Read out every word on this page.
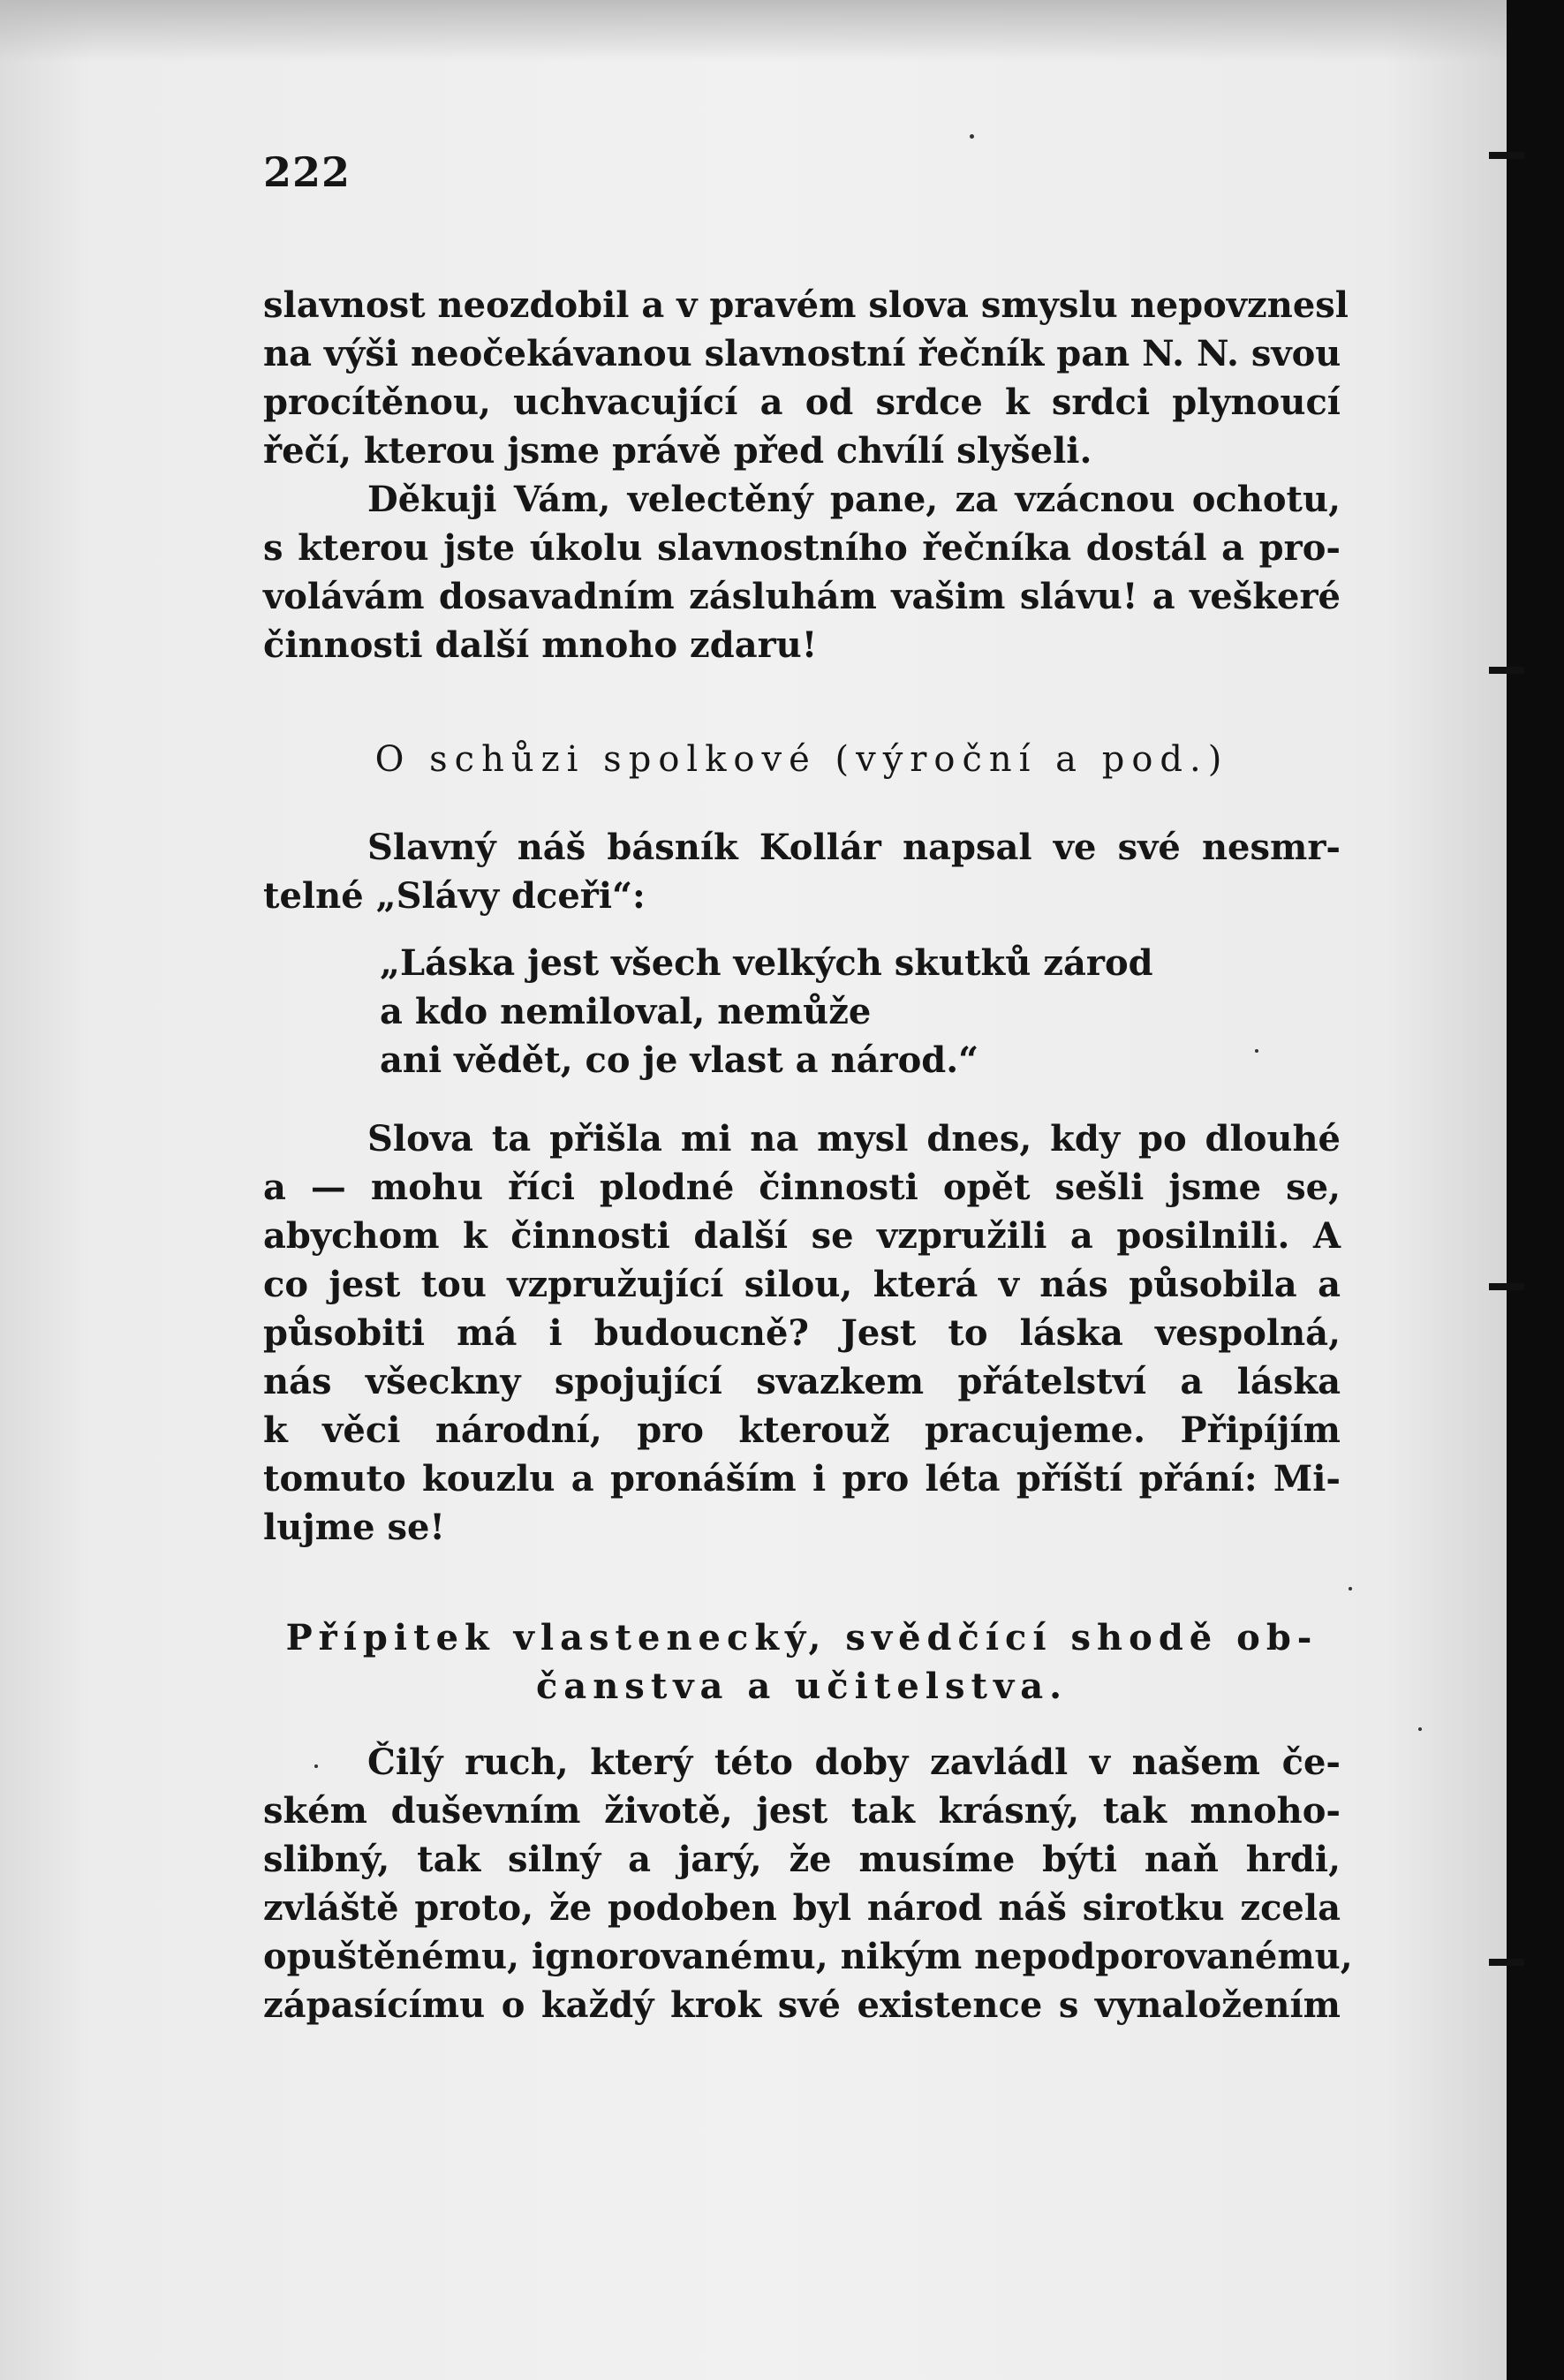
222
slavnost neozdobil a v pravém slova smyslu nepovznesl
na výši neočekávanou slavnostní řečník pan N. N. svou
procítěnou, uchvacující a od srdce k srdci plynoucí
řečí, kterou jsme právě před chvílí slyšeli.
Děkuji Vám, velectěný pane, za vzácnou ochotu,
s kterou jste úkolu slavnostního řečníka dostál a pro-
volávám dosavadním zásluhám vašim slávu! a veškeré
činnosti další mnoho zdaru!
O schůzi spolkové (výroční a pod.)
Slavný náš básník Kollár napsal ve své nesmr-
telné „Slávy dceři“:
„Láska jest všech velkých skutků zárod
a kdo nemiloval, nemůže
ani vědět, co je vlast a národ.“
Slova ta přišla mi na mysl dnes, kdy po dlouhé
a — mohu říci plodné činnosti opět sešli jsme se,
abychom k činnosti další se vzpružili a posilnili. A
co jest tou vzpružující silou, která v nás působila a
působiti má i budoucně? Jest to láska vespolná,
nás všeckny spojující svazkem přátelství a láska
k věci národní, pro kterouž pracujeme. Připíjím
tomuto kouzlu a pronáším i pro léta příští přání: Mi-
lujme se!
Přípitek vlastenecký, svědčící shodě ob-
čanstva a učitelstva.
Čilý ruch, který této doby zavládl v našem če-
ském duševním životě, jest tak krásný, tak mnoho-
slibný, tak silný a jarý, že musíme býti naň hrdi,
zvláště proto, že podoben byl národ náš sirotku zcela
opuštěnému, ignorovanému, nikým nepodporovanému,
zápasícímu o každý krok své existence s vynaložením
